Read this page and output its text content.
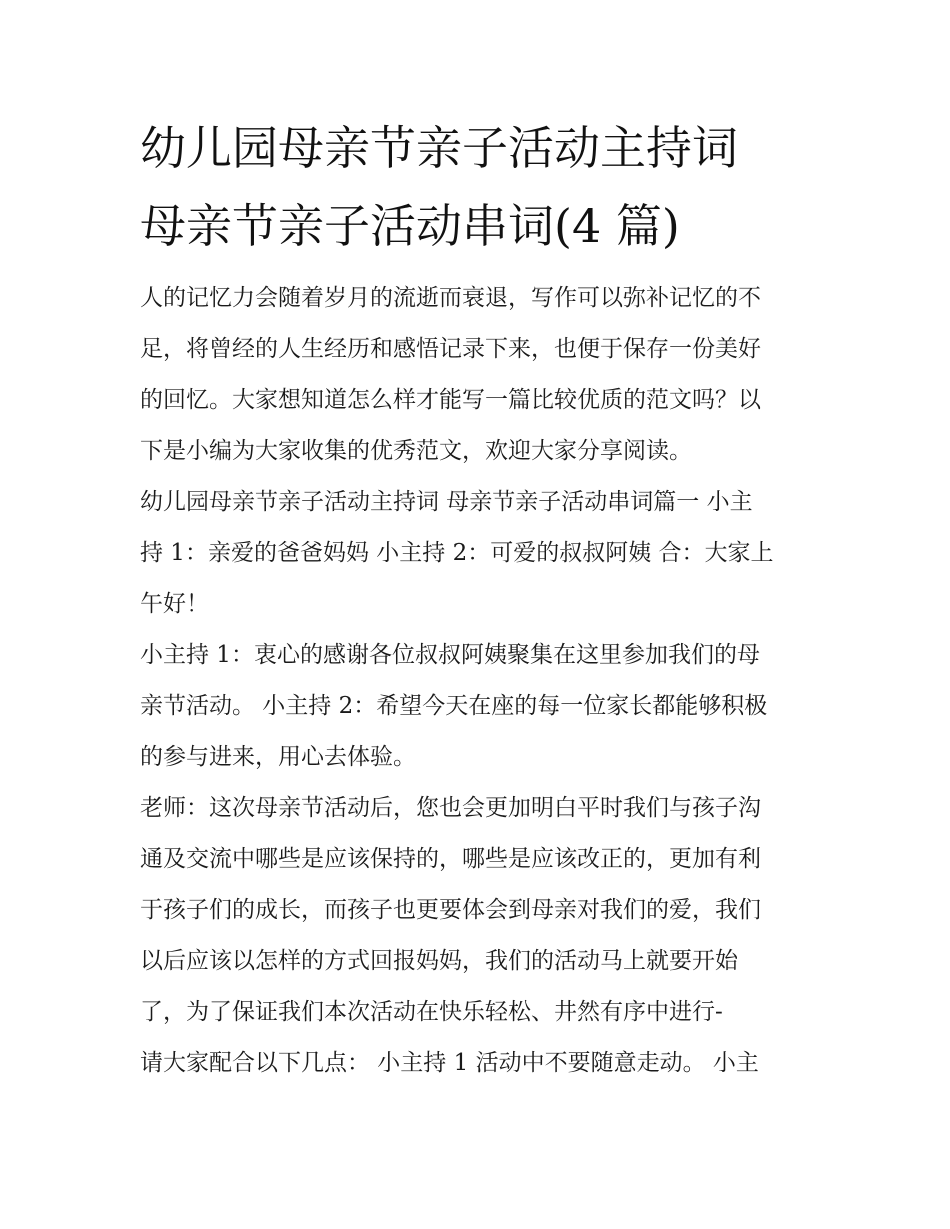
幼儿园母亲节亲子活动主持词
母亲节亲子活动串词(4 篇)
人的记忆力会随着岁月的流逝而衰退，写作可以弥补记忆的不
足，将曾经的人生经历和感悟记录下来，也便于保存一份美好
的回忆。大家想知道怎么样才能写一篇比较优质的范文吗？以
下是小编为大家收集的优秀范文，欢迎大家分享阅读。
幼儿园母亲节亲子活动主持词 母亲节亲子活动串词篇一 小主
持 1：亲爱的爸爸妈妈 小主持 2：可爱的叔叔阿姨 合：大家上
午好！
小主持 1：衷心的感谢各位叔叔阿姨聚集在这里参加我们的母
亲节活动。 小主持 2：希望今天在座的每一位家长都能够积极
的参与进来，用心去体验。
老师：这次母亲节活动后，您也会更加明白平时我们与孩子沟
通及交流中哪些是应该保持的，哪些是应该改正的，更加有利
于孩子们的成长，而孩子也更要体会到母亲对我们的爱，我们
以后应该以怎样的方式回报妈妈，我们的活动马上就要开始
了，为了保证我们本次活动在快乐轻松、井然有序中进行-
请大家配合以下几点： 小主持 1 活动中不要随意走动。 小主
